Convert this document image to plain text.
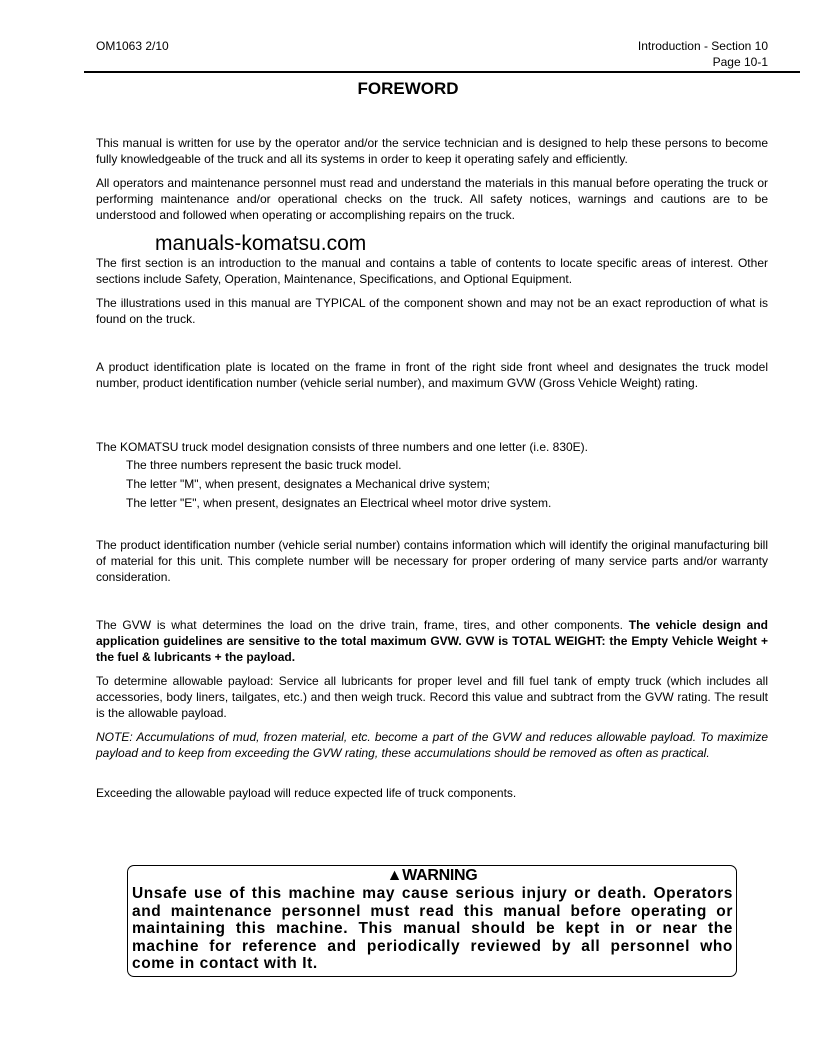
OM1063 2/10	Introduction - Section 10
Page 10-1
FOREWORD

This manual is written for use by the operator and/or the service technician and is designed to help these persons to become fully knowledgeable of the truck and all its systems in order to keep it operating safely and efficiently.

All operators and maintenance personnel must read and understand the materials in this manual before operating the truck or performing maintenance and/or operational checks on the truck. All safety notices, warnings and cautions are to be understood and followed when operating or accomplishing repairs on the truck.

manuals-komatsu.com

The first section is an introduction to the manual and contains a table of contents to locate specific areas of interest. Other sections include Safety, Operation, Maintenance, Specifications, and Optional Equipment.

The illustrations used in this manual are TYPICAL of the component shown and may not be an exact reproduction of what is found on the truck.

A product identification plate is located on the frame in front of the right side front wheel and designates the truck model number, product identification number (vehicle serial number), and maximum GVW (Gross Vehicle Weight) rating.

The KOMATSU truck model designation consists of three numbers and one letter (i.e. 830E).

The three numbers represent the basic truck model.
The letter "M", when present, designates a Mechanical drive system;
The letter "E", when present, designates an Electrical wheel motor drive system.

The product identification number (vehicle serial number) contains information which will identify the original manufacturing bill of material for this unit. This complete number will be necessary for proper ordering of many service parts and/or warranty consideration.

The GVW is what determines the load on the drive train, frame, tires, and other components. The vehicle design and application guidelines are sensitive to the total maximum GVW. GVW is TOTAL WEIGHT: the Empty Vehicle Weight + the fuel & lubricants + the payload.

To determine allowable payload: Service all lubricants for proper level and fill fuel tank of empty truck (which includes all accessories, body liners, tailgates, etc.) and then weigh truck. Record this value and subtract from the GVW rating. The result is the allowable payload.

NOTE: Accumulations of mud, frozen material, etc. become a part of the GVW and reduces allowable payload. To maximize payload and to keep from exceeding the GVW rating, these accumulations should be removed as often as practical.

Exceeding the allowable payload will reduce expected life of truck components.

▲WARNING
Unsafe use of this machine may cause serious injury or death. Operators and maintenance personnel must read this manual before operating or maintaining this machine. This manual should be kept in or near the machine for reference and periodically reviewed by all personnel who come in contact with It.
